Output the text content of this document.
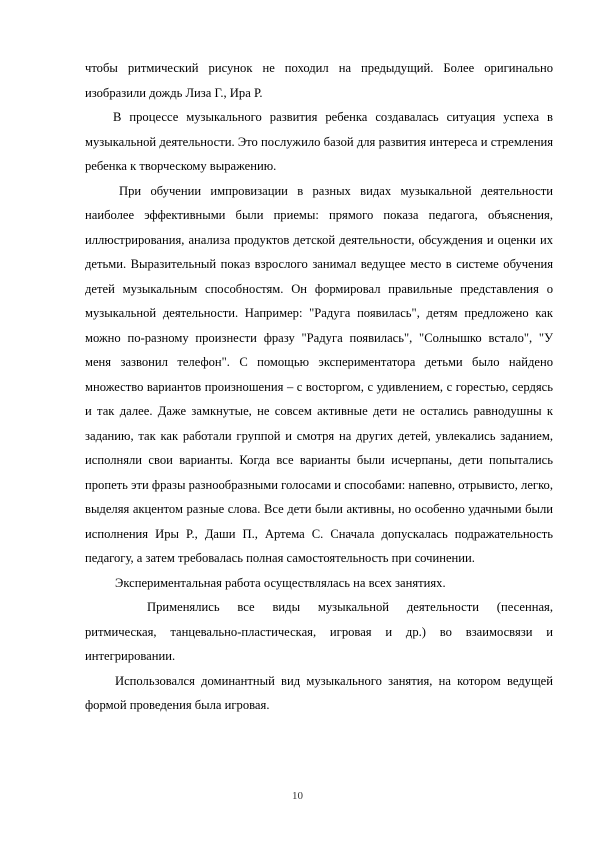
чтобы ритмический рисунок не походил на предыдущий. Более оригинально изобразили дождь Лиза Г., Ира Р.

В процессе музыкального развития ребенка создавалась ситуация успеха в музыкальной деятельности. Это послужило базой для развития интереса и стремления ребенка к творческому выражению.

При обучении импровизации в разных видах музыкальной деятельности наиболее эффективными были приемы: прямого показа педагога, объяснения, иллюстрирования, анализа продуктов детской деятельности, обсуждения и оценки их детьми. Выразительный показ взрослого занимал ведущее место в системе обучения детей музыкальным способностям. Он формировал правильные представления о музыкальной деятельности. Например: "Радуга появилась", детям предложено как можно по-разному произнести фразу "Радуга появилась", "Солнышко встало", "У меня зазвонил телефон". С помощью экспериментатора детьми было найдено множество вариантов произношения – с восторгом, с удивлением, с горестью, сердясь и так далее. Даже замкнутые, не совсем активные дети не остались равнодушны к заданию, так как работали группой и смотря на других детей, увлекались заданием, исполняли свои варианты. Когда все варианты были исчерпаны, дети попытались пропеть эти фразы разнообразными голосами и способами: напевно, отрывисто, легко, выделяя акцентом разные слова. Все дети были активны, но особенно удачными были исполнения Иры Р., Даши П., Артема С. Сначала допускалась подражательность педагогу, а затем требовалась полная самостоятельность при сочинении.

Экспериментальная работа осуществлялась на всех занятиях.

Применялись все виды музыкальной деятельности (песенная, ритмическая, танцевально-пластическая, игровая и др.) во взаимосвязи и интегрировании.

Использовался доминантный вид музыкального занятия, на котором ведущей формой проведения была игровая.

10
